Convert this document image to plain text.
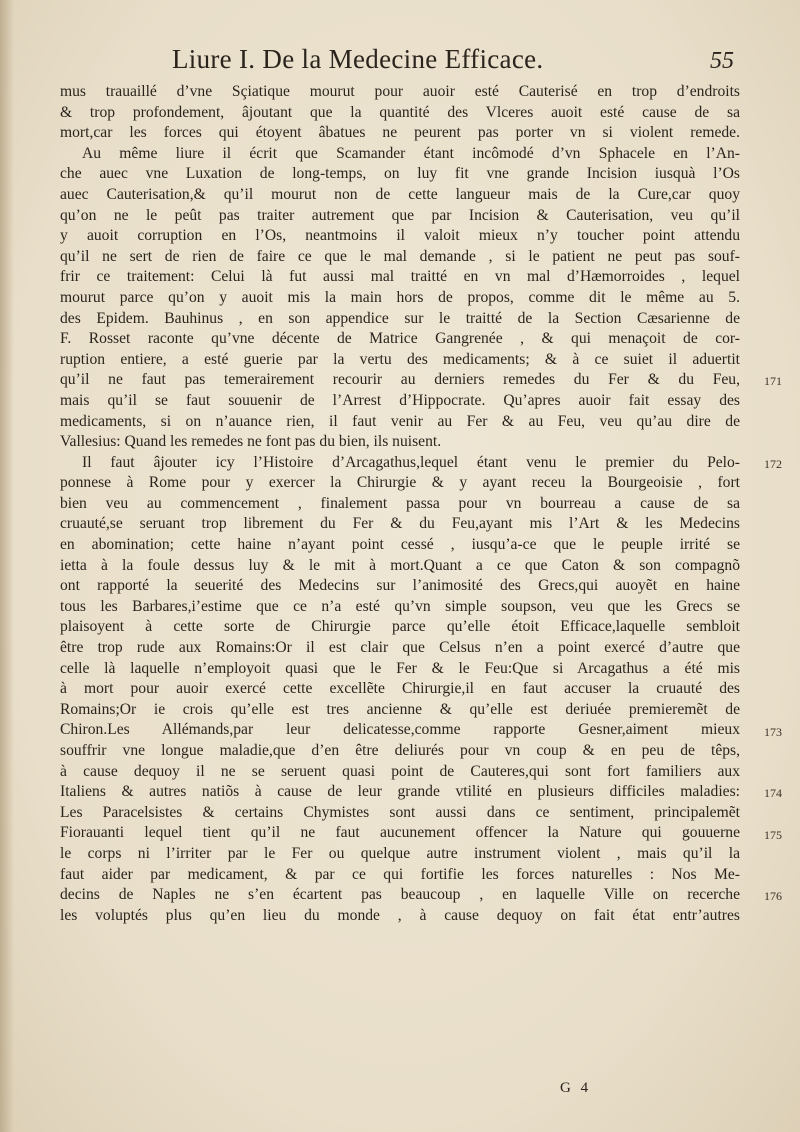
Liure I. De la Medecine Efficace.	55
mus trauaillé d’vne Sçiatique mourut pour auoir esté Cauterisé en trop d’endroits
& trop profondement, âjoutant que la quantité des Vlceres auoit esté cause de sa
mort,car les forces qui étoyent âbatues ne peurent pas porter vn si violent remede.
Au même liure il écrit que Scamander étant incômodé d’vn Sphacele en l’An-
che auec vne Luxation de long-temps, on luy fit vne grande Incision iusquà l’Os
auec Cauterisation,& qu’il mourut non de cette langueur mais de la Cure,car quoy
qu’on ne le peût pas traiter autrement que par Incision & Cauterisation, veu qu’il
y auoit corruption en l’Os, neantmoins il valoit mieux n’y toucher point attendu
qu’il ne sert de rien de faire ce que le mal demande , si le patient ne peut pas souf-
frir ce traitement: Celui là fut aussi mal traitté en vn mal d’Hæmorroides , lequel
mourut parce qu’on y auoit mis la main hors de propos, comme dit le même au 5.
des Epidem. Bauhinus , en son appendice sur le traitté de la Section Cæsarienne de
F. Rosset raconte qu’vne décente de Matrice Gangrenée , & qui menaçoit de cor-
ruption entiere, a esté guerie par la vertu des medicaments; & à ce suiet il aduertit
qu’il ne faut pas temerairement recourir au derniers remedes du Fer & du Feu,
mais qu’il se faut souuenir de l’Arrest d’Hippocrate. Qu’apres auoir fait essay des
medicaments, si on n’auance rien, il faut venir au Fer & au Feu, veu qu’au dire de
Vallesius: Quand les remedes ne font pas du bien, ils nuisent.
Il faut âjouter icy l’Histoire d’Arcagathus,lequel étant venu le premier du Pelo-
ponnese à Rome pour y exercer la Chirurgie & y ayant receu la Bourgeoisie , fort
bien veu au commencement , finalement passa pour vn bourreau a cause de sa
cruauté,se seruant trop librement du Fer & du Feu,ayant mis l’Art & les Medecins
en abomination; cette haine n’ayant point cessé , iusqu’a-ce que le peuple irrité se
ietta à la foule dessus luy & le mit à mort.Quant a ce que Caton & son compagnõ
ont rapporté la seuerité des Medecins sur l’animosité des Grecs,qui auoyẽt en haine
tous les Barbares,i’estime que ce n’a esté qu’vn simple soupson, veu que les Grecs se
plaisoyent à cette sorte de Chirurgie parce qu’elle étoit Efficace,laquelle sembloit
être trop rude aux Romains:Or il est clair que Celsus n’en a point exercé d’autre que
celle là laquelle n’employoit quasi que le Fer & le Feu:Que si Arcagathus a été mis
à mort pour auoir exercé cette excellẽte Chirurgie,il en faut accuser la cruauté des
Romains;Or ie crois qu’elle est tres ancienne & qu’elle est deriuée premieremẽt de
Chiron.Les Allémands,par leur delicatesse,comme rapporte Gesner,aiment mieux
souffrir vne longue maladie,que d’en être deliurés pour vn coup & en peu de têps,
à cause dequoy il ne se seruent quasi point de Cauteres,qui sont fort familiers aux
Italiens & autres natiõs à cause de leur grande vtilité en plusieurs difficiles maladies:
Les Paracelsistes & certains Chymistes sont aussi dans ce sentiment, principalemẽt
Fiorauanti lequel tient qu’il ne faut aucunement offencer la Nature qui gouuerne
le corps ni l’irriter par le Fer ou quelque autre instrument violent , mais qu’il la
faut aider par medicament, & par ce qui fortifie les forces naturelles : Nos Me-
decins de Naples ne s’en écartent pas beaucoup , en laquelle Ville on recerche
les voluptés plus qu’en lieu du monde , à cause dequoy on fait état entr’autres
171
172
173
174
175
176
G 4
